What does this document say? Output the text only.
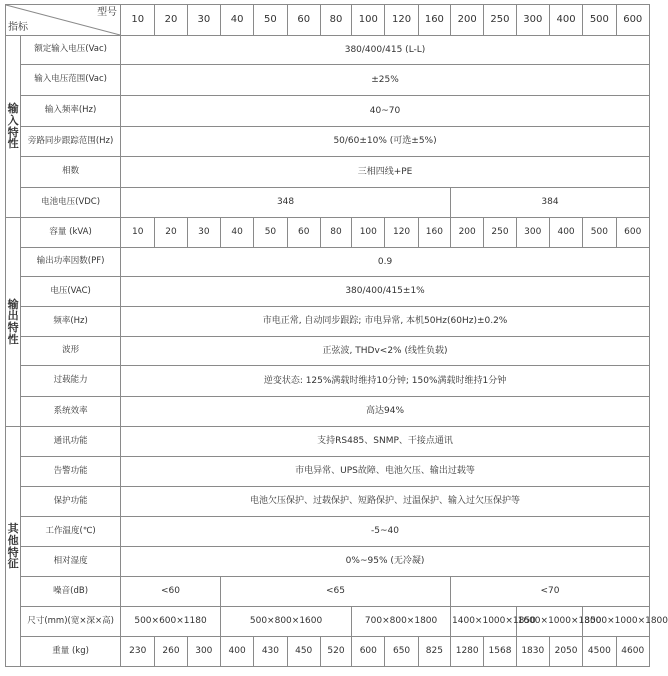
型号
指标		10	20	30	40	50	60	80	100	120	160	200	250	300	400	500	600
输入特性	额定输入电压(Vac)	380/400/415 (L-L)															
	输入电压范围(Vac)	±25%															
	输入频率(Hz)	40~70															
	旁路同步跟踪范围(Hz)	50/60±10% (可选±5%)															
	相数	三相四线+PE															
	电池电压(VDC)	348										384					
输出特性	容量 (kVA)	10	20	30	40	50	60	80	100	120	160	200	250	300	400	500	600
	输出功率因数(PF)	0.9															
	电压(VAC)	380/400/415±1%															
	频率(Hz)	市电正常, 自动同步跟踪; 市电异常, 本机50Hz(60Hz)±0.2%															
	波形	正弦波, THDv<2% (线性负载)															
	过载能力	逆变状态: 125%满载时维持10分钟; 150%满载时维持1分钟															
	系统效率	高达94%															
其他特征	通讯功能	支持RS485、SNMP、干接点通讯															
	告警功能	市电异常、UPS故障、电池欠压、输出过载等															
	保护功能	电池欠压保护、过载保护、短路保护、过温保护、输入过欠压保护等															
	工作温度(℃)	-5~40															
	相对湿度	0%~95% (无冷凝)															
	噪音(dB)	<60			<65							<70					
	尺寸(mm)(宽×深×高)	500×600×1180			500×800×1600				700×800×1800			1400×1000×1850		1600×1000×1850		3000×1000×1800	
	重量 (kg)	230	260	300	400	430	450	520	600	650	825	1280	1568	1830	2050	4500	4600
